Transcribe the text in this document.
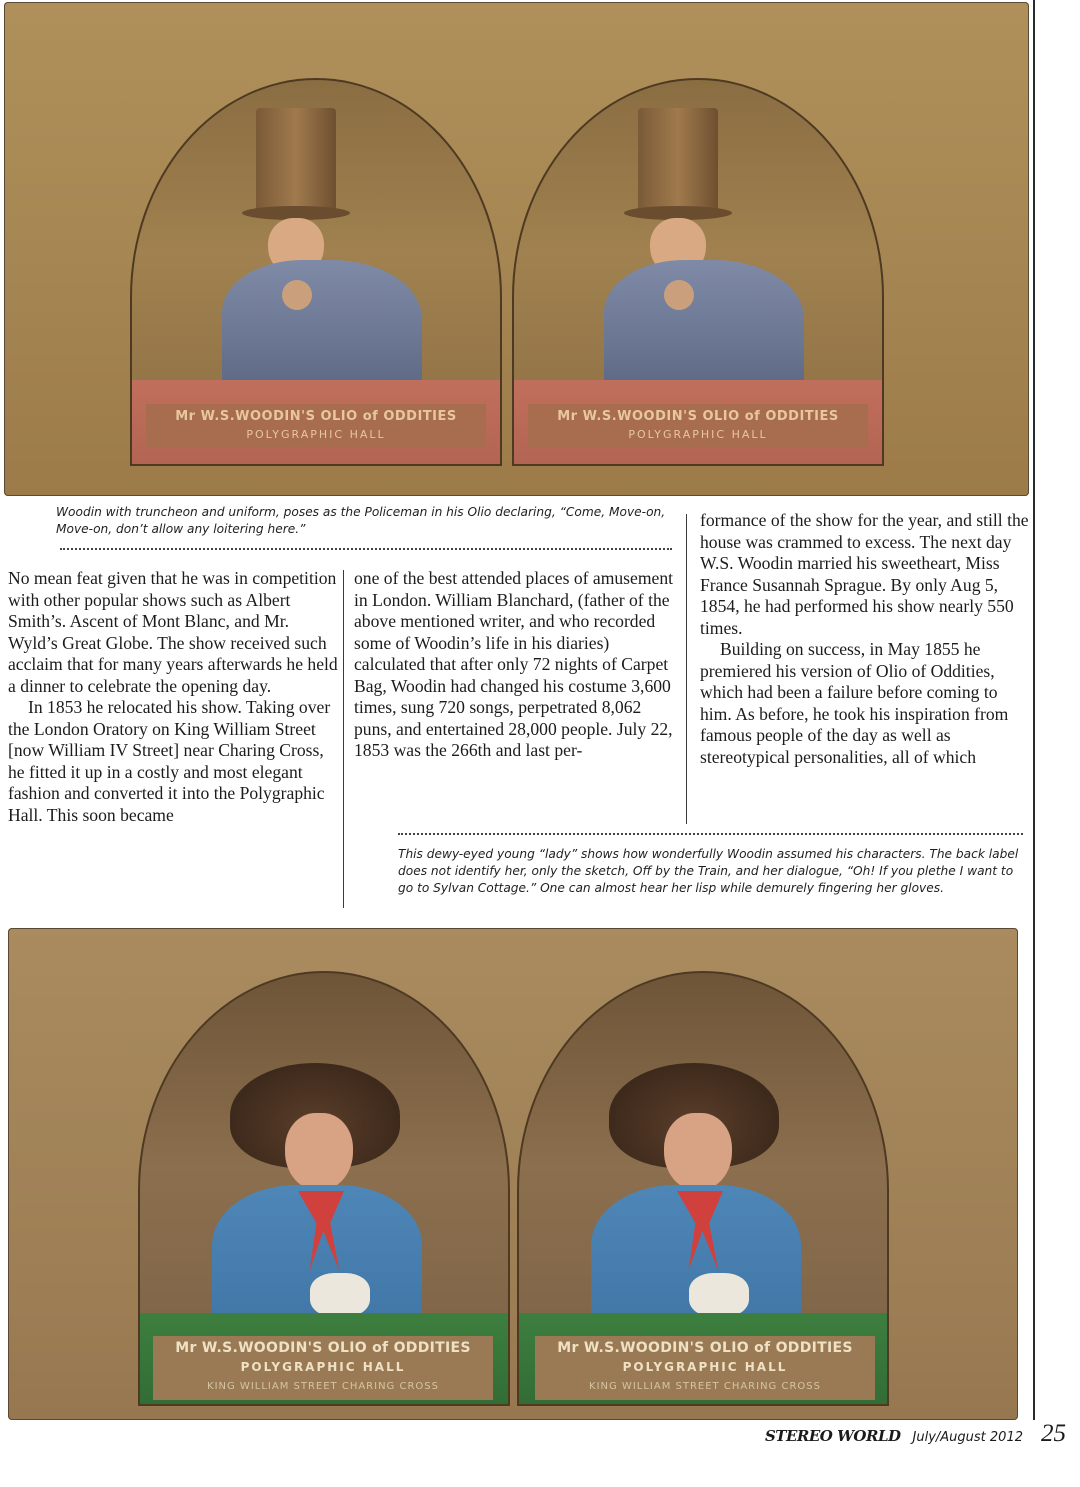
Mr W.S.WOODIN'S OLIO of ODDITIES
POLYGRAPHIC HALL
Mr W.S.WOODIN'S OLIO of ODDITIES
POLYGRAPHIC HALL
Woodin with truncheon and uniform, poses as the Policeman in his Olio declaring, “Come, Move-on, Move-on, don’t allow any loitering here.”

No mean feat given that he was in competition with other popular shows such as Albert Smith’s. Ascent of Mont Blanc, and Mr. Wyld’s Great Globe. The show received such acclaim that for many years afterwards he held a dinner to celebrate the opening day.

In 1853 he relocated his show. Taking over the London Oratory on King William Street [now William IV Street] near Charing Cross, he fitted it up in a costly and most elegant fashion and converted it into the Polygraphic Hall. This soon became

one of the best attended places of amusement in London. William Blanchard, (father of the above mentioned writer, and who recorded some of Woodin’s life in his diaries) calculated that after only 72 nights of Carpet Bag, Woodin had changed his costume 3,600 times, sung 720 songs, perpetrated 8,062 puns, and entertained 28,000 people. July 22, 1853 was the 266th and last per-

formance of the show for the year, and still the house was crammed to excess. The next day W.S. Woodin married his sweetheart, Miss France Susannah Sprague. By only Aug 5, 1854, he had performed his show nearly 550 times.

Building on success, in May 1855 he premiered his version of Olio of Oddities, which had been a failure before coming to him. As before, he took his inspiration from famous people of the day as well as stereotypical personalities, all of which

This dewy-eyed young “lady” shows how wonderfully Woodin assumed his characters. The back label does not identify her, only the sketch, Off by the Train, and her dialogue, “Oh! If you plethe I want to go to Sylvan Cottage.” One can almost hear her lisp while demurely fingering her gloves.
Mr W.S.WOODIN'S OLIO of ODDITIES
POLYGRAPHIC HALL
KING WILLIAM STREET CHARING CROSS
Mr W.S.WOODIN'S OLIO of ODDITIES
POLYGRAPHIC HALL
KING WILLIAM STREET CHARING CROSS
STEREO WORLD July/August 2012 25
